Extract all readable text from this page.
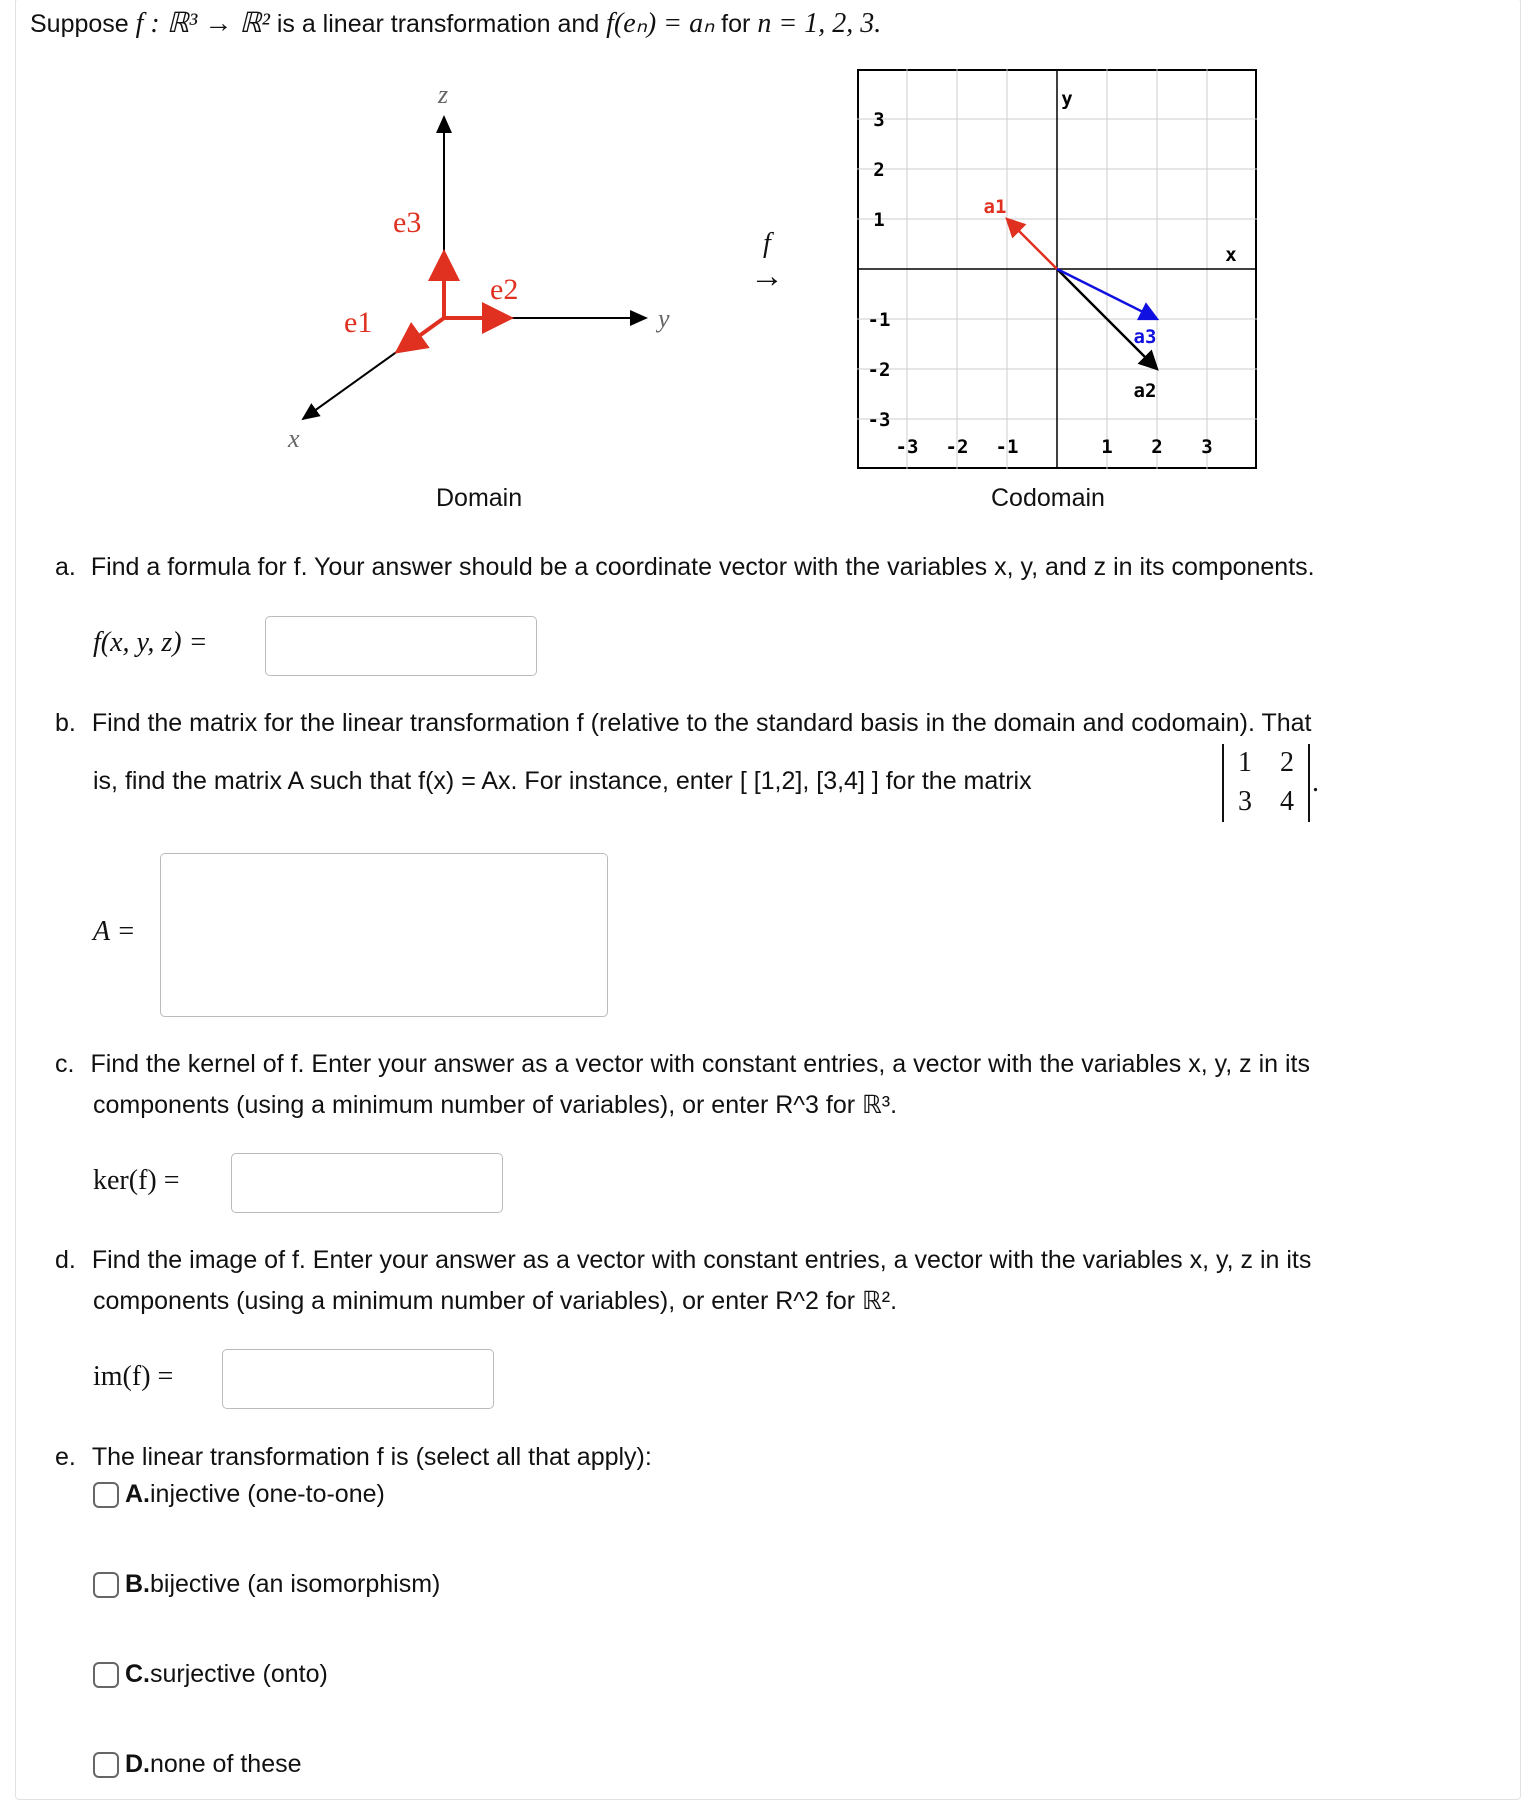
Suppose f : ℝ³ → ℝ² is a linear transformation and f(eₙ) = aₙ for n = 1, 2, 3.
z
y
x
e3
e2
e1
f
→
-3
-3
-2
-2
-1
-1
1
1
2
2
3
3
y
x
a1
a2
a3
Domain	Codomain
a. Find a formula for f. Your answer should be a coordinate vector with the variables x, y, and z in its components.
f(x, y, z) =
b. Find the matrix for the linear transformation f (relative to the standard basis in the domain and codomain). That
is, find the matrix A such that f(x) = Ax. For instance, enter [ [1,2], [3,4] ] for the matrix
1	2
3	4
.
A =
c. Find the kernel of f. Enter your answer as a vector with constant entries, a vector with the variables x, y, z in its
components (using a minimum number of variables), or enter R^3 for ℝ³.
ker(f) =
d. Find the image of f. Enter your answer as a vector with constant entries, a vector with the variables x, y, z in its
components (using a minimum number of variables), or enter R^2 for ℝ².
im(f) =
e. The linear transformation f is (select all that apply):
A. injective (one-to-one)
B. bijective (an isomorphism)
C. surjective (onto)
D. none of these
